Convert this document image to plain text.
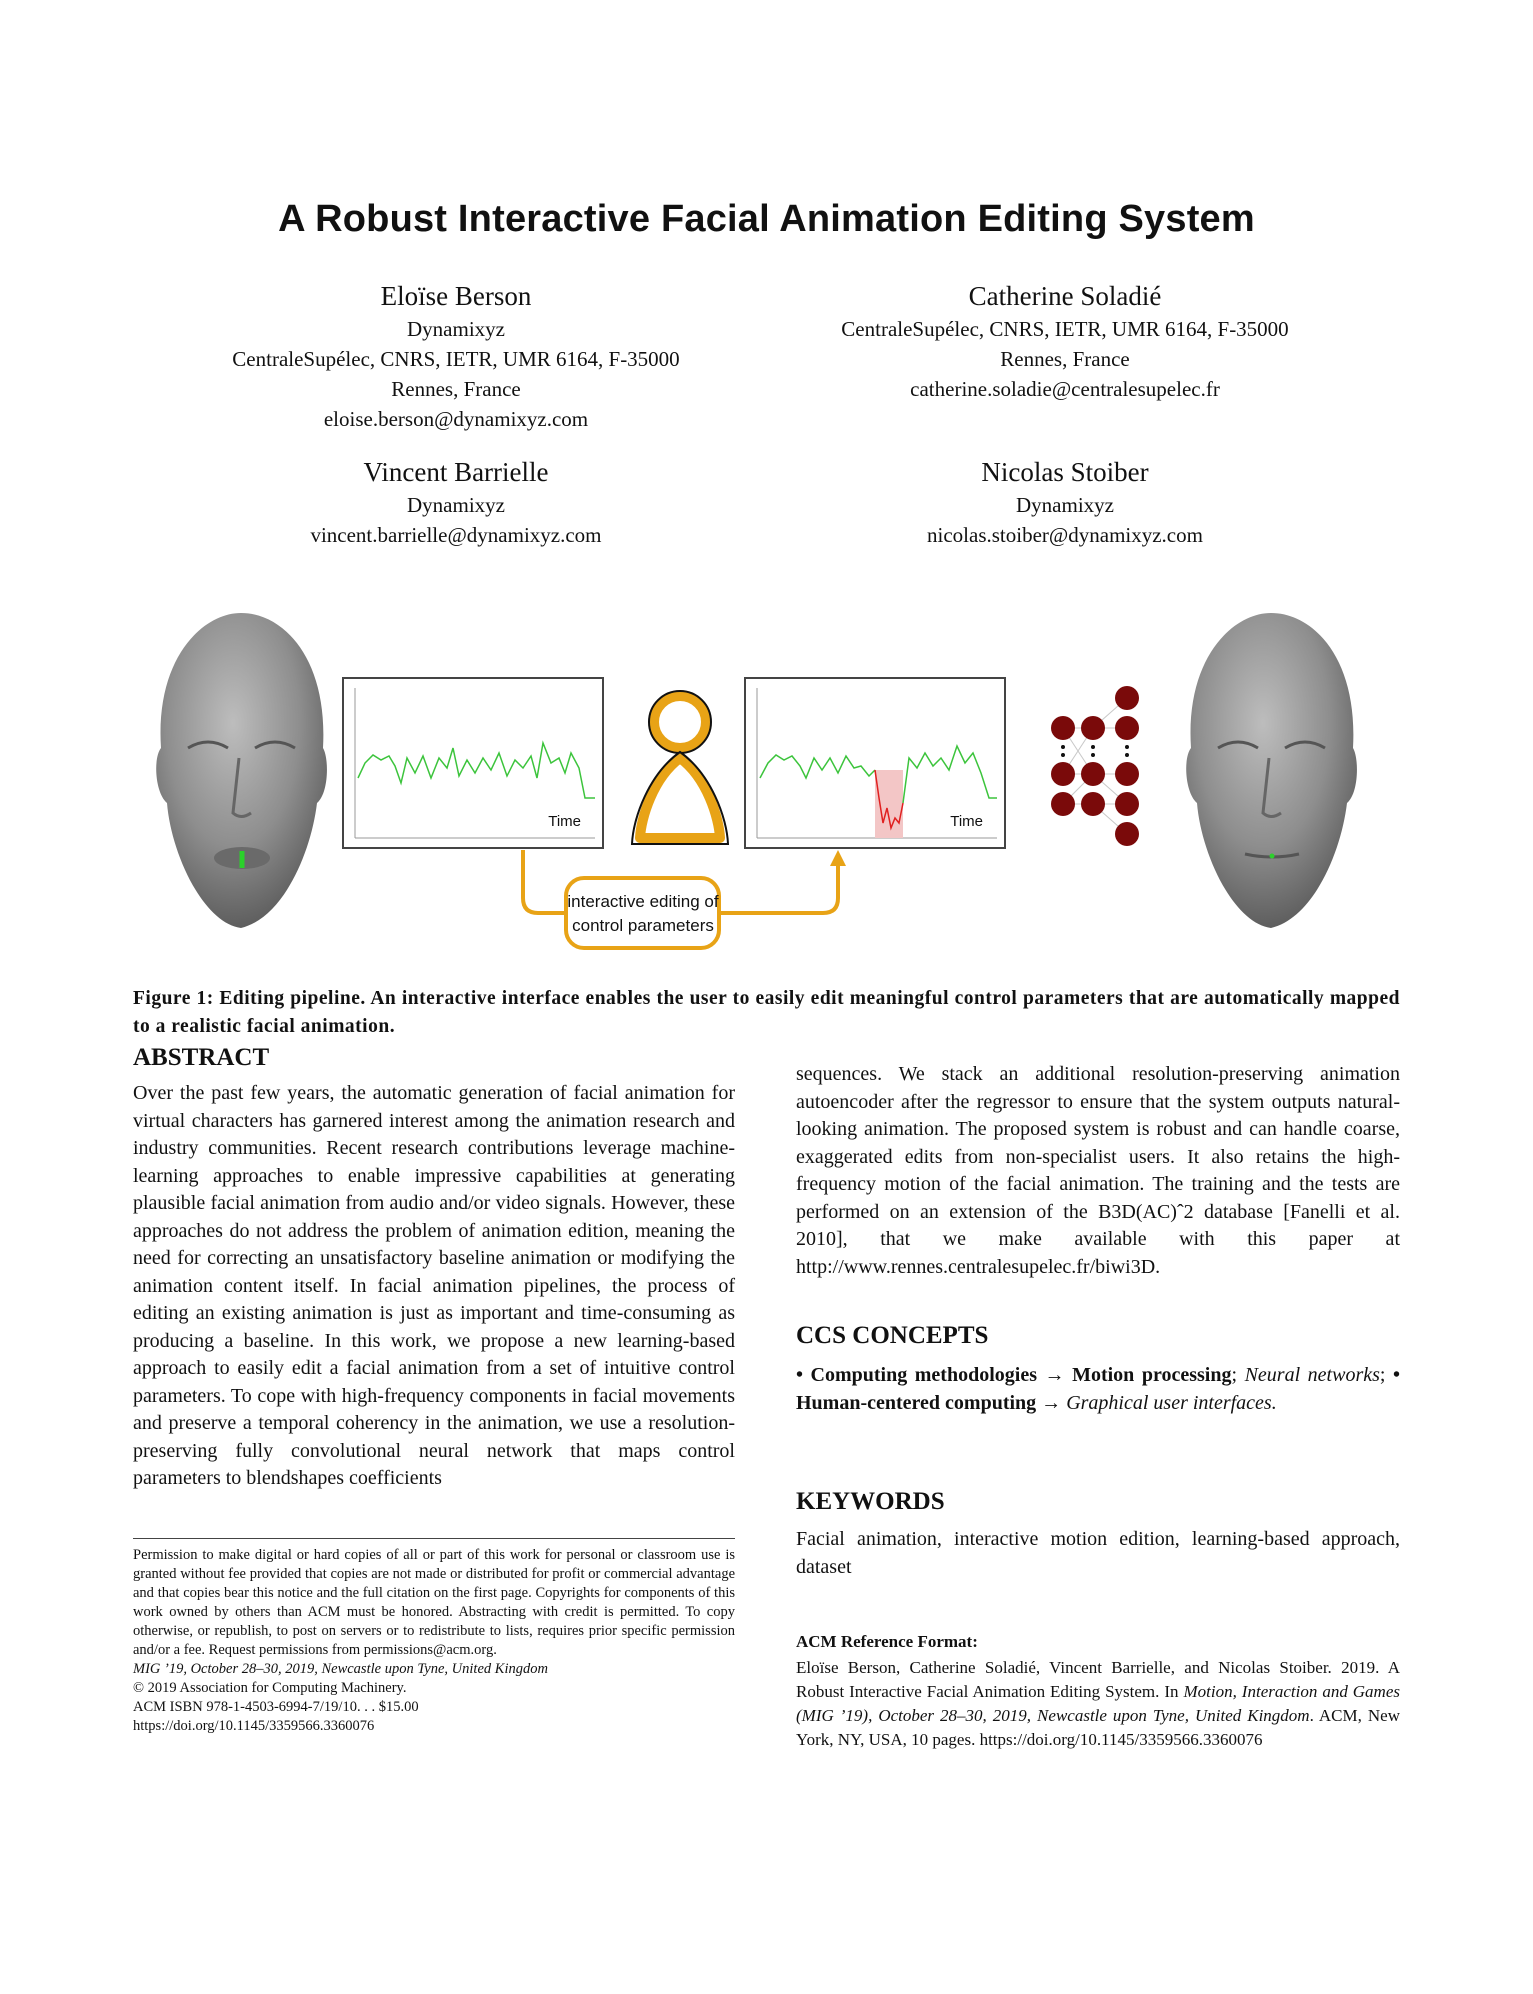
A Robust Interactive Facial Animation Editing System
Eloïse Berson
Dynamixyz
CentraleSupélec, CNRS, IETR, UMR 6164, F-35000
Rennes, France
eloise.berson@dynamixyz.com
Catherine Soladié
CentraleSupélec, CNRS, IETR, UMR 6164, F-35000
Rennes, France
catherine.soladie@centralesupelec.fr
Vincent Barrielle
Dynamixyz
vincent.barrielle@dynamixyz.com
Nicolas Stoiber
Dynamixyz
nicolas.stoiber@dynamixyz.com
Time	Time
interactive editing of
control parameters
Figure 1: Editing pipeline. An interactive interface enables the user to easily edit meaningful control parameters that are automatically mapped to a realistic facial animation.
ABSTRACT
Over the past few years, the automatic generation of facial animation for virtual characters has garnered interest among the animation research and industry communities. Recent research contributions leverage machine-learning approaches to enable impressive capabilities at generating plausible facial animation from audio and/or video signals. However, these approaches do not address the problem of animation edition, meaning the need for correcting an unsatisfactory baseline animation or modifying the animation content itself. In facial animation pipelines, the process of editing an existing animation is just as important and time-consuming as producing a baseline. In this work, we propose a new learning-based approach to easily edit a facial animation from a set of intuitive control parameters. To cope with high-frequency components in facial movements and preserve a temporal coherency in the animation, we use a resolution-preserving fully convolutional neural network that maps control parameters to blendshapes coefficients
Permission to make digital or hard copies of all or part of this work for personal or classroom use is granted without fee provided that copies are not made or distributed for profit or commercial advantage and that copies bear this notice and the full citation on the first page. Copyrights for components of this work owned by others than ACM must be honored. Abstracting with credit is permitted. To copy otherwise, or republish, to post on servers or to redistribute to lists, requires prior specific permission and/or a fee. Request permissions from permissions@acm.org.
MIG ’19, October 28–30, 2019, Newcastle upon Tyne, United Kingdom
© 2019 Association for Computing Machinery.
ACM ISBN 978-1-4503-6994-7/19/10. . . $15.00
https://doi.org/10.1145/3359566.3360076
sequences. We stack an additional resolution-preserving animation autoencoder after the regressor to ensure that the system outputs natural-looking animation. The proposed system is robust and can handle coarse, exaggerated edits from non-specialist users. It also retains the high-frequency motion of the facial animation. The training and the tests are performed on an extension of the B3D(AC)ˆ2 database [Fanelli et al. 2010], that we make available with this paper at http://www.rennes.centralesupelec.fr/biwi3D.
CCS CONCEPTS
• Computing methodologies → Motion processing; Neural networks; • Human-centered computing → Graphical user interfaces.
KEYWORDS
Facial animation, interactive motion edition, learning-based approach, dataset
ACM Reference Format:
Eloïse Berson, Catherine Soladié, Vincent Barrielle, and Nicolas Stoiber. 2019. A Robust Interactive Facial Animation Editing System. In Motion, Interaction and Games (MIG ’19), October 28–30, 2019, Newcastle upon Tyne, United Kingdom. ACM, New York, NY, USA, 10 pages. https://doi.org/10.1145/3359566.3360076
